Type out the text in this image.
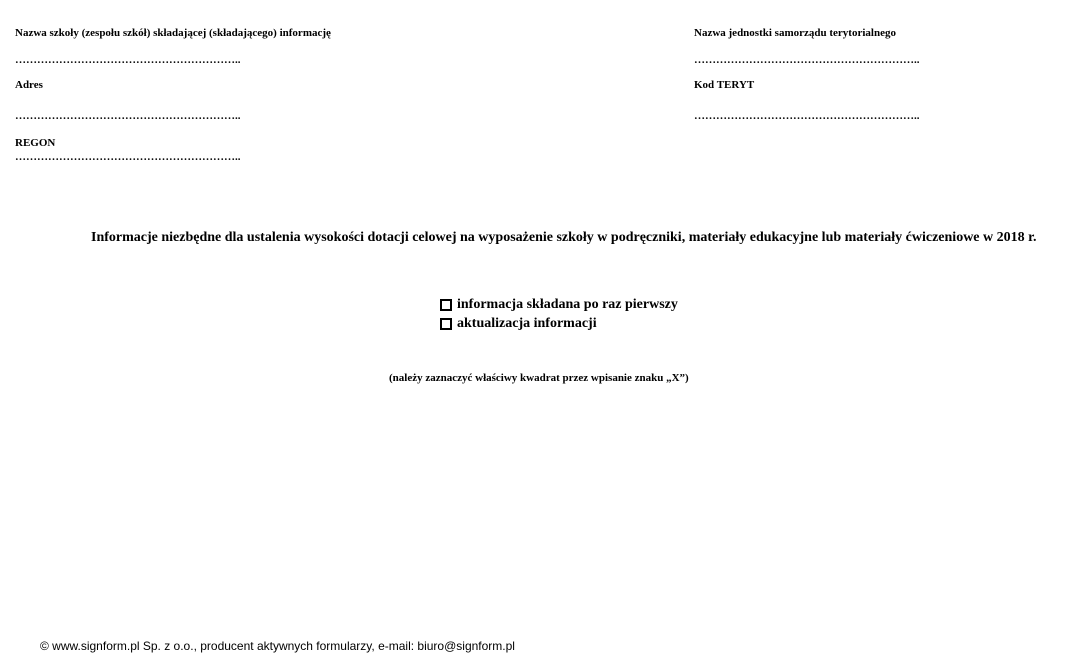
Nazwa szkoły (zespołu szkół) składającej (składającego) informację
……………………………………………………..
Adres
……………………………………………………..
REGON
……………………………………………………..
Nazwa jednostki samorządu terytorialnego
……………………………………………………..
Kod TERYT
……………………………………………………..
Informacje niezbędne dla ustalenia wysokości dotacji celowej na wyposażenie szkoły w podręczniki, materiały edukacyjne lub materiały ćwiczeniowe w 2018 r.
informacja składana po raz pierwszy
aktualizacja informacji
(należy zaznaczyć właściwy kwadrat przez wpisanie znaku „X”)
© www.signform.pl Sp. z o.o., producent aktywnych formularzy, e-mail: biuro@signform.pl
